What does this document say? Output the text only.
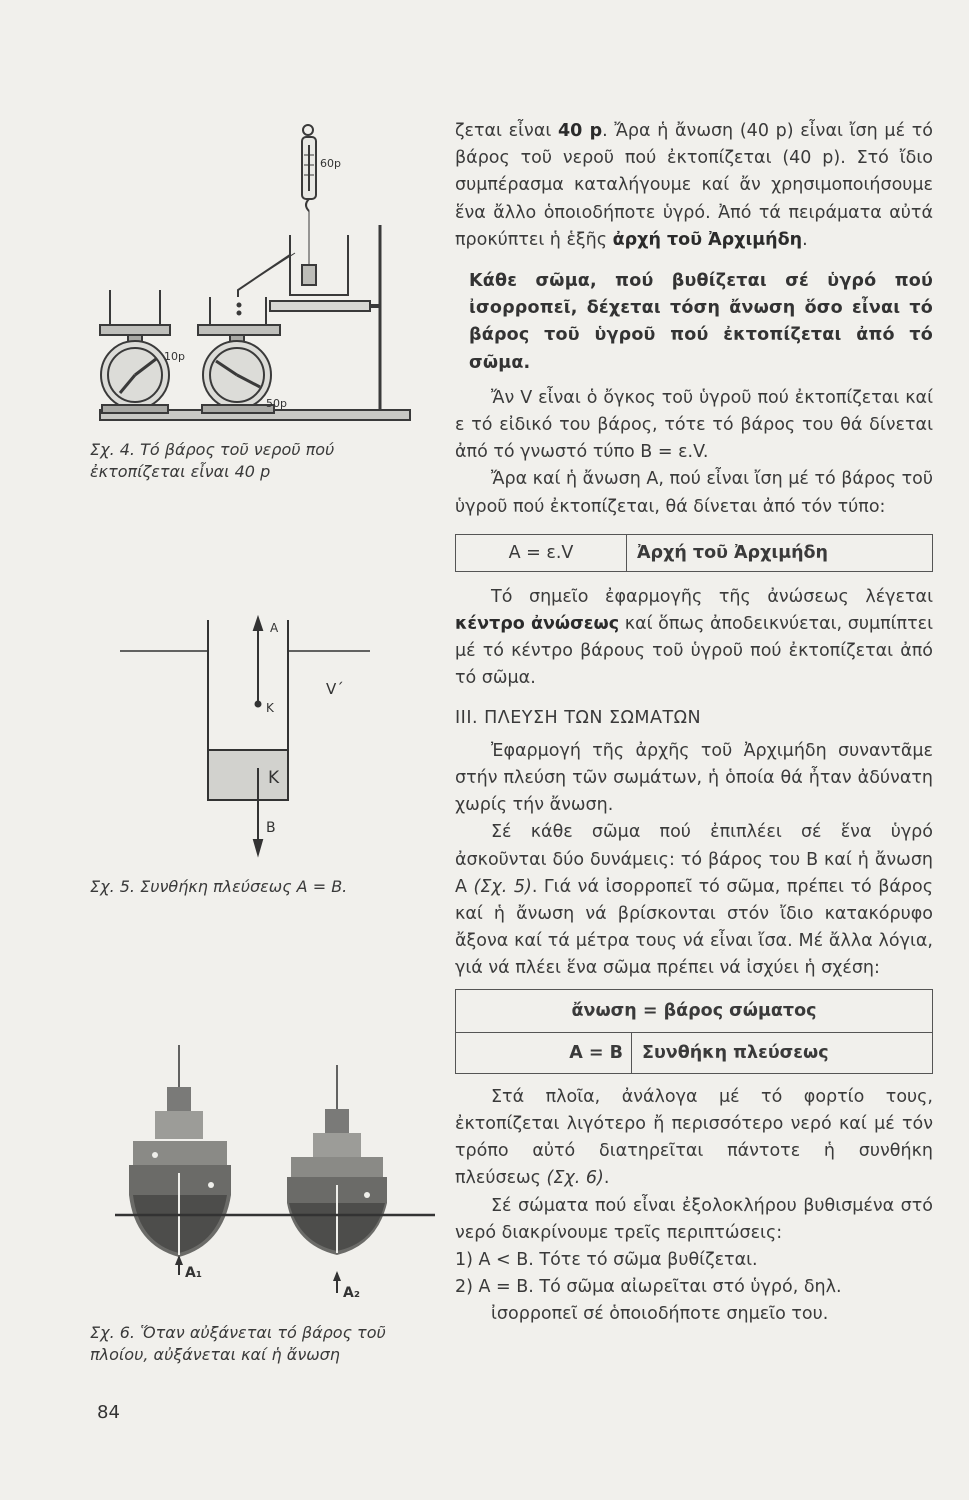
60p
10p
50p
Σχ. 4. Τό βάρος τοῦ νεροῦ πού ἐκτοπίζεται εἶναι 40 p
A
K
V΄
K
B
Σχ. 5. Συνθήκη πλεύσεως Α = Β.
A₁
A₂
Σχ. 6. Ὅταν αὐξάνεται τό βάρος τοῦ πλοίου, αὐξάνεται καί ἡ ἄνωση

ζεται εἶναι 40 p. Ἄρα ἡ ἄνωση (40 p) εἶναι ἴση μέ τό βάρος τοῦ νεροῦ πού ἐκτοπίζεται (40 p). Στό ἴδιο συμπέρασμα καταλήγουμε καί ἄν χρησιμοποιήσουμε ἕνα ἄλλο ὁποιοδήποτε ὑγρό. Ἀπό τά πειράματα αὐτά προκύπτει ἡ ἑξῆς ἀρχή τοῦ Ἀρχιμήδη.

Κάθε σῶμα, πού βυθίζεται σέ ὑγρό πού ἰσορροπεῖ, δέχεται τόση ἄνωση ὅσο εἶναι τό βάρος τοῦ ὑγροῦ πού ἐκτοπίζεται ἀπό τό σῶμα.

Ἄν V εἶναι ὁ ὄγκος τοῦ ὑγροῦ πού ἐκτοπίζεται καί ε τό εἰδικό του βάρος, τότε τό βάρος του θά δίνεται ἀπό τό γνωστό τύπο Β = ε.V.

Ἄρα καί ἡ ἄνωση Α, πού εἶναι ἴση μέ τό βάρος τοῦ ὑγροῦ πού ἐκτοπίζεται, θά δίνεται ἀπό τόν τύπο:

Α = ε.V	Ἀρχή τοῦ Ἀρχιμήδη

Τό σημεῖο ἐφαρμογῆς τῆς ἀνώσεως λέγεται κέντρο ἀνώσεως καί ὅπως ἀποδεικνύεται, συμπίπτει μέ τό κέντρο βάρους τοῦ ὑγροῦ πού ἐκτοπίζεται ἀπό τό σῶμα.

ΙΙΙ. ΠΛΕΥΣΗ ΤΩΝ ΣΩΜΑΤΩΝ

Ἐφαρμογή τῆς ἀρχῆς τοῦ Ἀρχιμήδη συναντᾶμε στήν πλεύση τῶν σωμάτων, ἡ ὁποία θά ἦταν ἀδύνατη χωρίς τήν ἄνωση.

Σέ κάθε σῶμα πού ἐπιπλέει σέ ἕνα ὑγρό ἀσκοῦνται δύο δυνάμεις: τό βάρος του Β καί ἡ ἄνωση Α (Σχ. 5). Γιά νά ἰσορροπεῖ τό σῶμα, πρέπει τό βάρος καί ἡ ἄνωση νά βρίσκονται στόν ἴδιο κατακόρυφο ἄξονα καί τά μέτρα τους νά εἶναι ἴσα. Μέ ἄλλα λόγια, γιά νά πλέει ἕνα σῶμα πρέπει νά ἰσχύει ἡ σχέση:

ἄνωση = βάρος σώματος
Α = Β	Συνθήκη πλεύσεως

Στά πλοῖα, ἀνάλογα μέ τό φορτίο τους, ἐκτοπίζεται λιγότερο ἤ περισσότερο νερό καί μέ τόν τρόπο αὐτό διατηρεῖται πάντοτε ἡ συνθήκη πλεύσεως (Σχ. 6).

Σέ σώματα πού εἶναι ἐξολοκλήρου βυθισμένα στό νερό διακρίνουμε τρεῖς περιπτώσεις:

1) Α < Β. Τότε τό σῶμα βυθίζεται.

2) Α = Β. Τό σῶμα αἰωρεῖται στό ὑγρό, δηλ.

ἰσορροπεῖ σέ ὁποιοδήποτε σημεῖο του.

84
